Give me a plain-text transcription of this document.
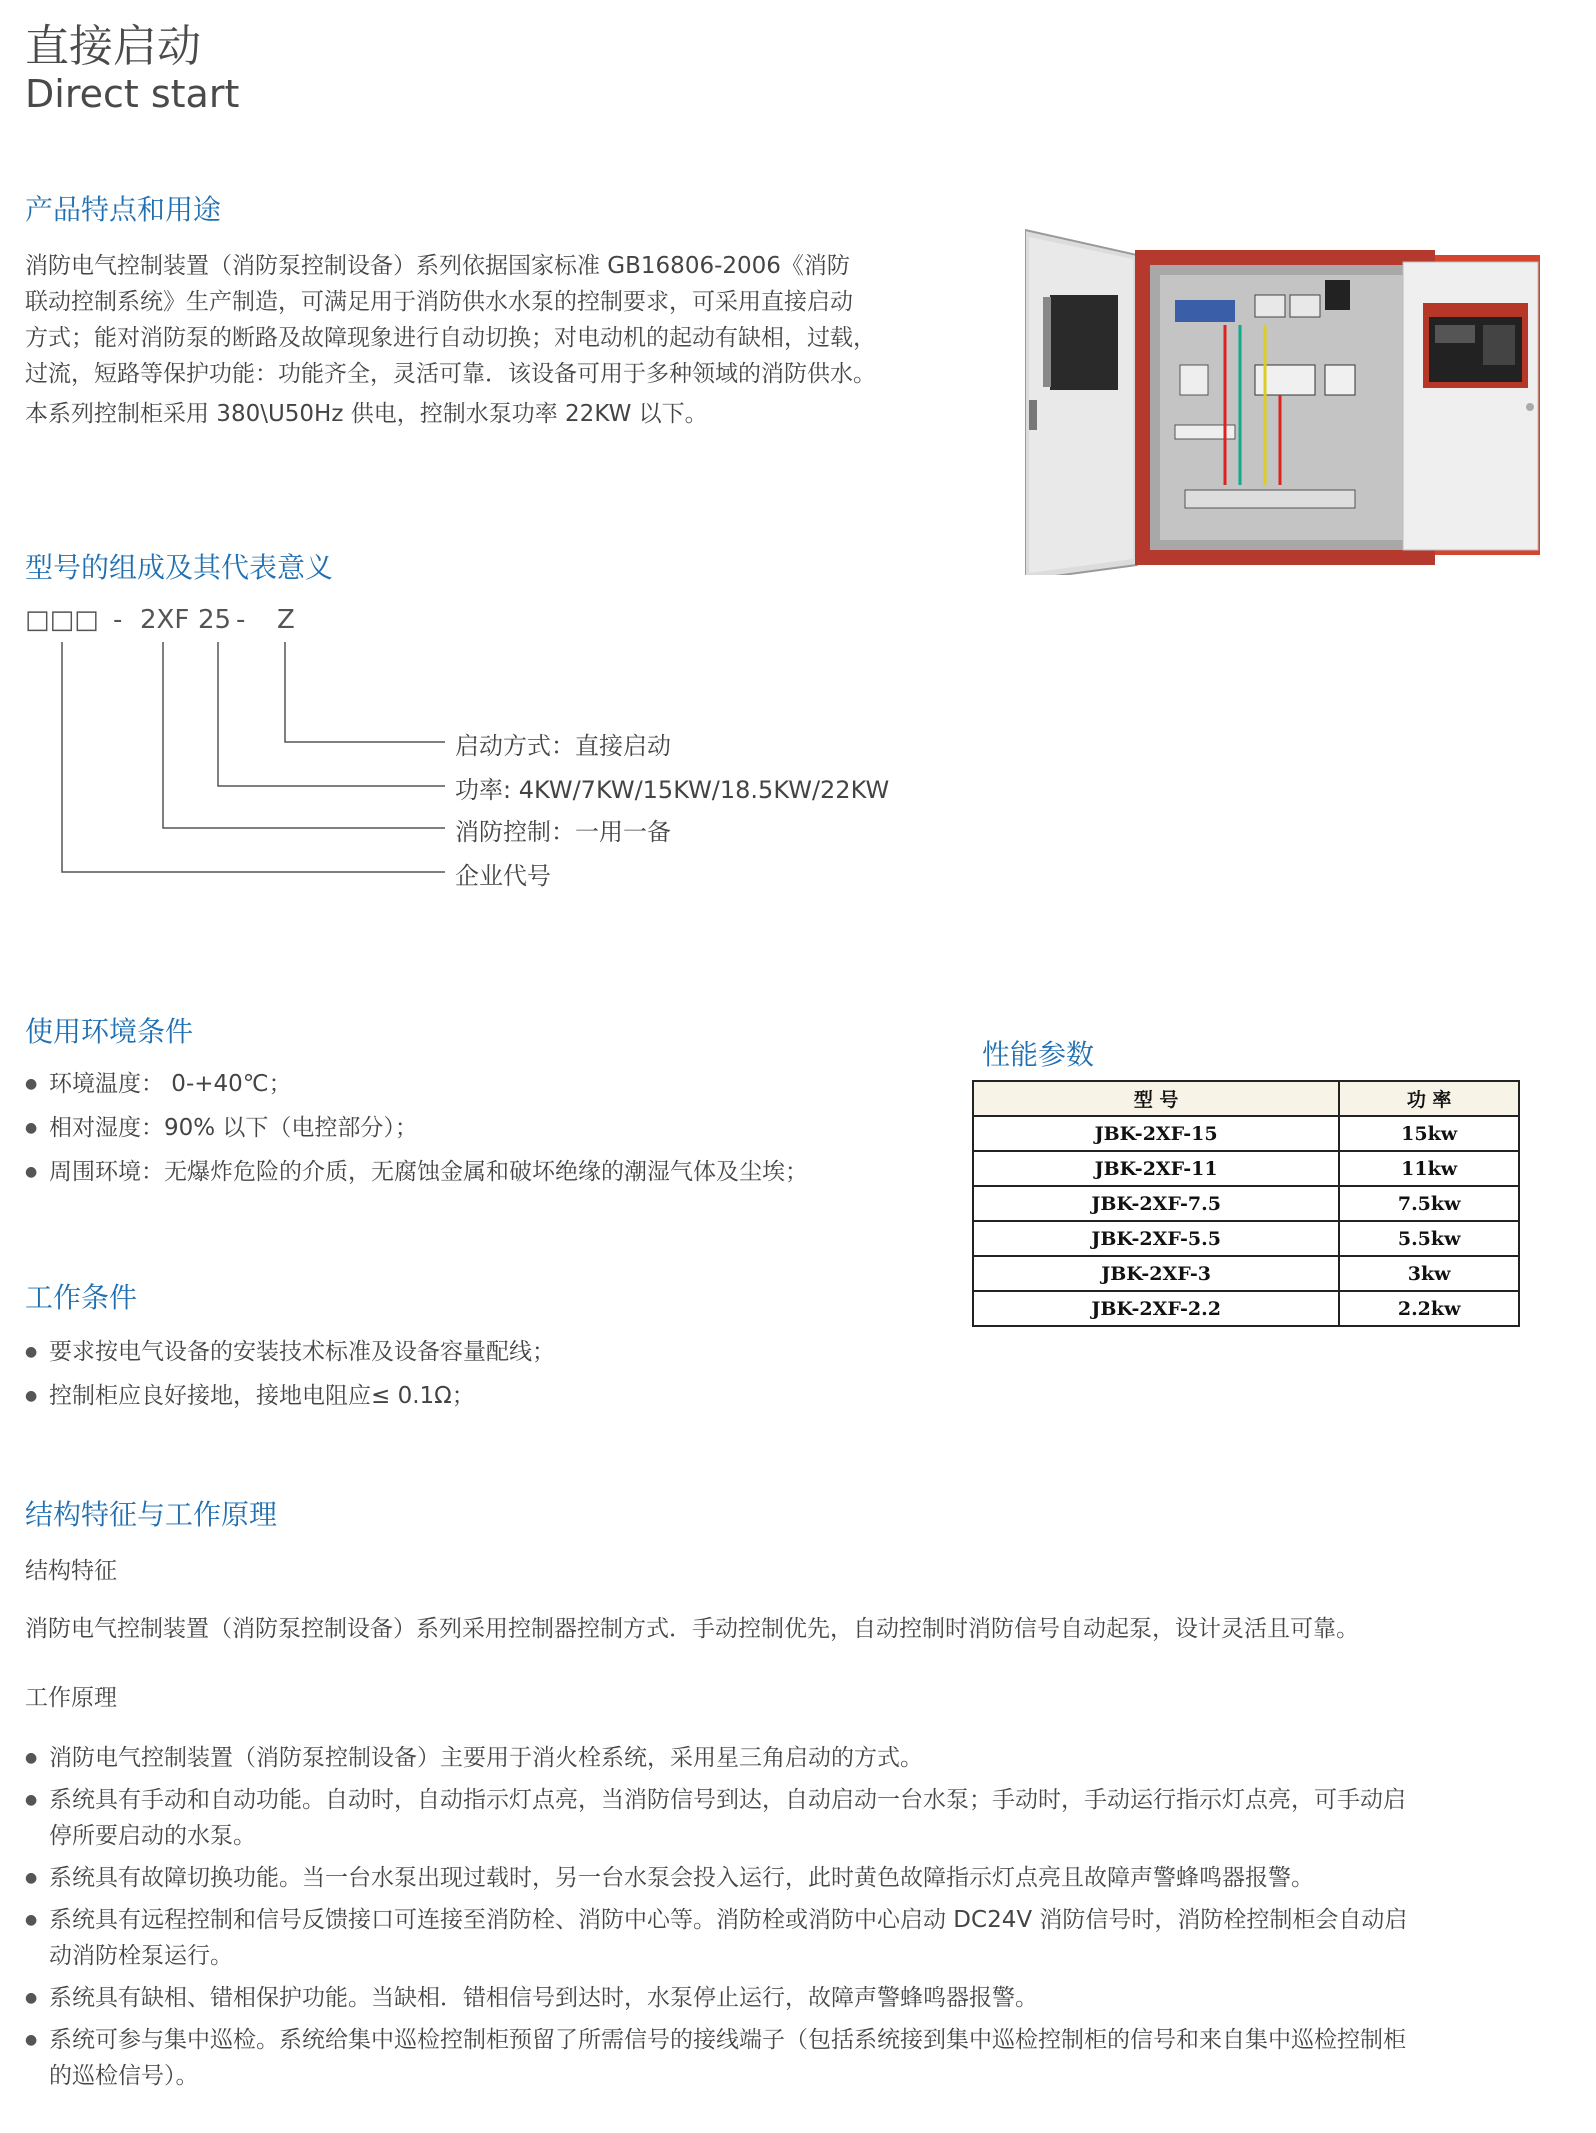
直接启动
Direct start
产品特点和用途
消防电气控制装置（消防泵控制设备）系列依据国家标准 GB16806-2006《消防
联动控制系统》生产制造，可满足用于消防供水水泵的控制要求，可采用直接启动
方式；能对消防泵的断路及故障现象进行自动切换；对电动机的起动有缺相，过载，
过流，短路等保护功能：功能齐全，灵活可靠．该设备可用于多种领域的消防供水。
本系列控制柜采用 380\U50Hz 供电，控制水泵功率 22KW 以下。
型号的组成及其代表意义
□□□ - 2XF 25 - Z
启动方式：直接启动
功率: 4KW/7KW/15KW/18.5KW/22KW
消防控制：一用一备
企业代号
使用环境条件
● 环境温度： 0-+40℃；
● 相对湿度：90% 以下（电控部分）；
● 周围环境：无爆炸危险的介质，无腐蚀金属和破坏绝缘的潮湿气体及尘埃；
性能参数
型 号	功 率
JBK-2XF-15	15kw
JBK-2XF-11	11kw
JBK-2XF-7.5	7.5kw
JBK-2XF-5.5	5.5kw
JBK-2XF-3	3kw
JBK-2XF-2.2	2.2kw
工作条件
● 要求按电气设备的安装技术标准及设备容量配线；
● 控制柜应良好接地，接地电阻应≤ 0.1Ω；
结构特征与工作原理
结构特征
消防电气控制装置（消防泵控制设备）系列采用控制器控制方式．手动控制优先，自动控制时消防信号自动起泵，设计灵活且可靠。
工作原理
● 消防电气控制装置（消防泵控制设备）主要用于消火栓系统，采用星三角启动的方式。
● 系统具有手动和自动功能。自动时，自动指示灯点亮，当消防信号到达，自动启动一台水泵；手动时，手动运行指示灯点亮，可手动启
停所要启动的水泵。
● 系统具有故障切换功能。当一台水泵出现过载时，另一台水泵会投入运行，此时黄色故障指示灯点亮且故障声警蜂鸣器报警。
● 系统具有远程控制和信号反馈接口可连接至消防栓、消防中心等。消防栓或消防中心启动 DC24V 消防信号时，消防栓控制柜会自动启
动消防栓泵运行。
● 系统具有缺相、错相保护功能。当缺相．错相信号到达时，水泵停止运行，故障声警蜂鸣器报警。
● 系统可参与集中巡检。系统给集中巡检控制柜预留了所需信号的接线端子（包括系统接到集中巡检控制柜的信号和来自集中巡检控制柜
的巡检信号）。
